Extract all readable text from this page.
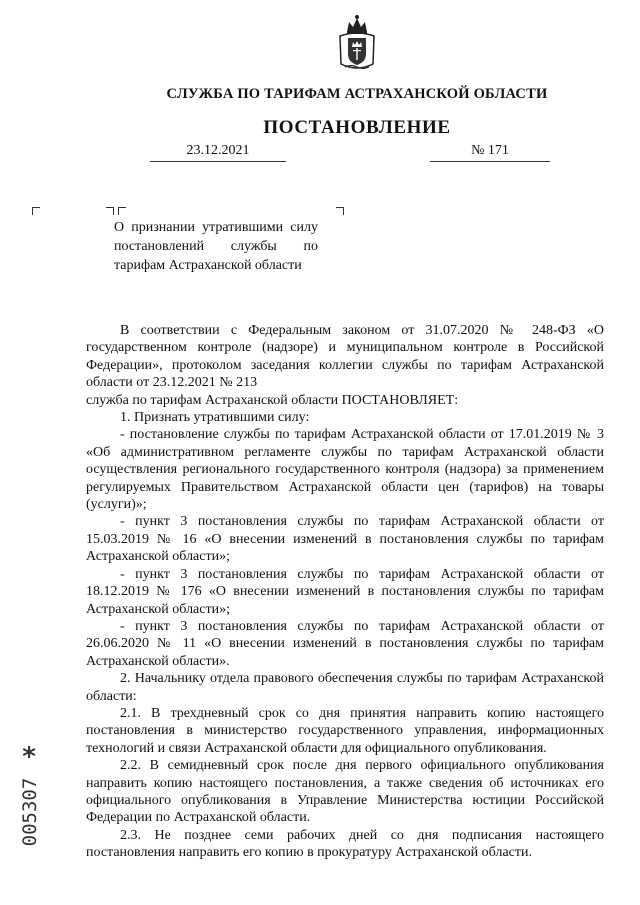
СЛУЖБА ПО ТАРИФАМ АСТРАХАНСКОЙ ОБЛАСТИ
ПОСТАНОВЛЕНИЕ
23.12.2021	№ 171
О признании утратившими силу постановлений службы по тарифам Астраханской области

В соответствии с Федеральным законом от 31.07.2020 № 248-ФЗ «О государственном контроле (надзоре) и муниципальном контроле в Российской Федерации», протоколом заседания коллегии службы по тарифам Астраханской области от 23.12.2021 № 213

служба по тарифам Астраханской области ПОСТАНОВЛЯЕТ:

1. Признать утратившими силу:

- постановление службы по тарифам Астраханской области от 17.01.2019 № 3 «Об административном регламенте службы по тарифам Астраханской области осуществления регионального государственного контроля (надзора) за применением регулируемых Правительством Астраханской области цен (тарифов) на товары (услуги)»;

- пункт 3 постановления службы по тарифам Астраханской области от 15.03.2019 № 16 «О внесении изменений в постановления службы по тарифам Астраханской области»;

- пункт 3 постановления службы по тарифам Астраханской области от 18.12.2019 № 176 «О внесении изменений в постановления службы по тарифам Астраханской области»;

- пункт 3 постановления службы по тарифам Астраханской области от 26.06.2020 № 11 «О внесении изменений в постановления службы по тарифам Астраханской области».

2. Начальнику отдела правового обеспечения службы по тарифам Астраханской области:

2.1. В трехдневный срок со дня принятия направить копию настоящего постановления в министерство государственного управления, информационных технологий и связи Астраханской области для официального опубликования.

2.2. В семидневный срок после дня первого официального опубликования направить копию настоящего постановления, а также сведения об источниках его официального опубликования в Управление Министерства юстиции Российской Федерации по Астраханской области.

2.3. Не позднее семи рабочих дней со дня подписания настоящего постановления направить его копию в прокуратуру Астраханской области.

*
005307
